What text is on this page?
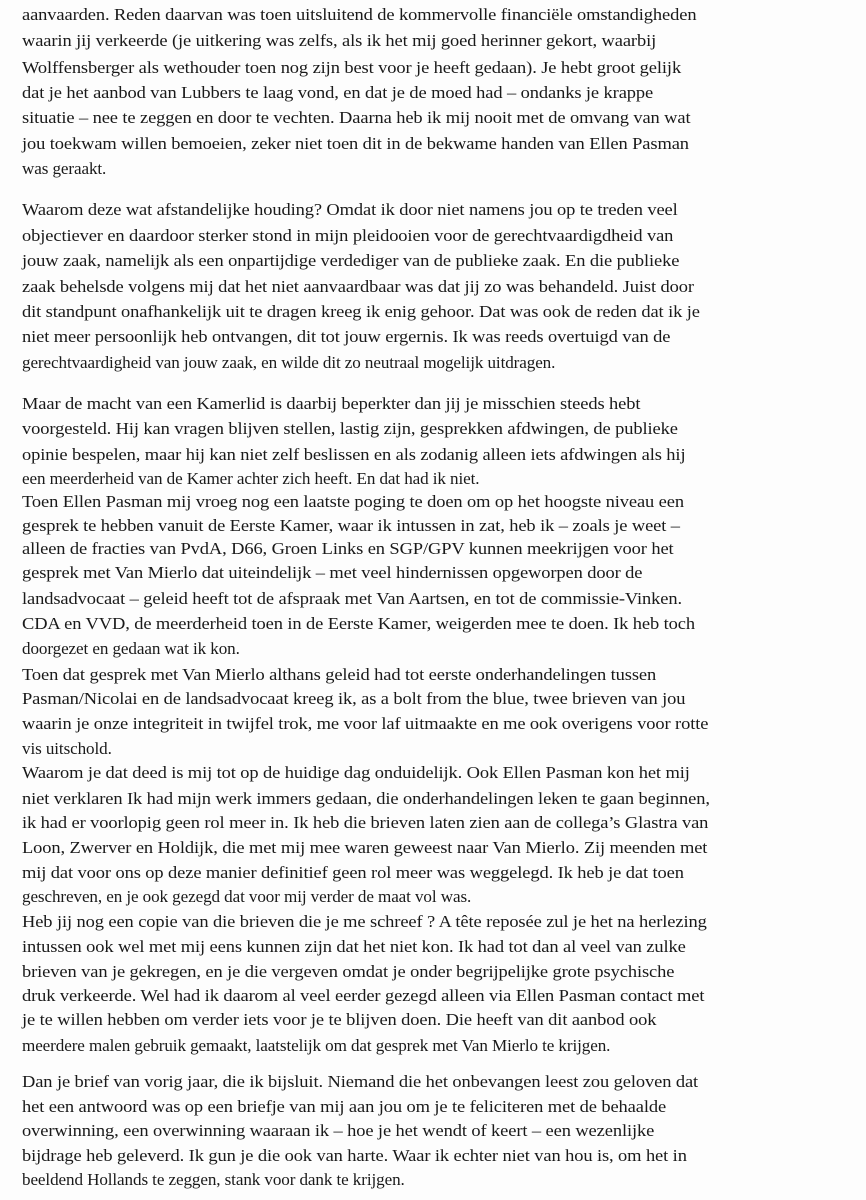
aanvaarden. Reden daarvan was toen uitsluitend de kommervolle financiële omstandigheden
waarin jij verkeerde (je uitkering was zelfs, als ik het mij goed herinner gekort, waarbij
Wolffensberger als wethouder toen nog zijn best voor je heeft gedaan). Je hebt groot gelijk
dat je het aanbod van Lubbers te laag vond, en dat je de moed had – ondanks je krappe
situatie – nee te zeggen en door te vechten. Daarna heb ik mij nooit met de omvang van wat
jou toekwam willen bemoeien, zeker niet toen dit in de bekwame handen van Ellen Pasman
was geraakt.
Waarom deze wat afstandelijke houding? Omdat ik door niet namens jou op te treden veel
objectiever en daardoor sterker stond in mijn pleidooien voor de gerechtvaardigdheid van
jouw zaak, namelijk als een onpartijdige verdediger van de publieke zaak. En die publieke
zaak behelsde volgens mij dat het niet aanvaardbaar was dat jij zo was behandeld. Juist door
dit standpunt onafhankelijk uit te dragen kreeg ik enig gehoor. Dat was ook de reden dat ik je
niet meer persoonlijk heb ontvangen, dit tot jouw ergernis. Ik was reeds overtuigd van de
gerechtvaardigheid van jouw zaak, en wilde dit zo neutraal mogelijk uitdragen.
Maar de macht van een Kamerlid is daarbij beperkter dan jij je misschien steeds hebt
voorgesteld. Hij kan vragen blijven stellen, lastig zijn, gesprekken afdwingen, de publieke
opinie bespelen, maar hij kan niet zelf beslissen en als zodanig alleen iets afdwingen als hij
een meerderheid van de Kamer achter zich heeft. En dat had ik niet.
Toen Ellen Pasman mij vroeg nog een laatste poging te doen om op het hoogste niveau een
gesprek te hebben vanuit de Eerste Kamer, waar ik intussen in zat, heb ik – zoals je weet –
alleen de fracties van PvdA, D66, Groen Links en SGP/GPV kunnen meekrijgen voor het
gesprek met Van Mierlo dat uiteindelijk – met veel hindernissen opgeworpen door de
landsadvocaat – geleid heeft tot de afspraak met Van Aartsen, en tot de commissie-Vinken.
CDA en VVD, de meerderheid toen in de Eerste Kamer, weigerden mee te doen. Ik heb toch
doorgezet en gedaan wat ik kon.
Toen dat gesprek met Van Mierlo althans geleid had tot eerste onderhandelingen tussen
Pasman/Nicolai en de landsadvocaat kreeg ik, as a bolt from the blue, twee brieven van jou
waarin je onze integriteit in twijfel trok, me voor laf uitmaakte en me ook overigens voor rotte
vis uitschold.
Waarom je dat deed is mij tot op de huidige dag onduidelijk. Ook Ellen Pasman kon het mij
niet verklaren Ik had mijn werk immers gedaan, die onderhandelingen leken te gaan beginnen,
ik had er voorlopig geen rol meer in. Ik heb die brieven laten zien aan de collega’s Glastra van
Loon, Zwerver en Holdijk, die met mij mee waren geweest naar Van Mierlo. Zij meenden met
mij dat voor ons op deze manier definitief geen rol meer was weggelegd. Ik heb je dat toen
geschreven, en je ook gezegd dat voor mij verder de maat vol was.
Heb jij nog een copie van die brieven die je me schreef ? A tête reposée zul je het na herlezing
intussen ook wel met mij eens kunnen zijn dat het niet kon. Ik had tot dan al veel van zulke
brieven van je gekregen, en je die vergeven omdat je onder begrijpelijke grote psychische
druk verkeerde. Wel had ik daarom al veel eerder gezegd alleen via Ellen Pasman contact met
je te willen hebben om verder iets voor je te blijven doen. Die heeft van dit aanbod ook
meerdere malen gebruik gemaakt, laatstelijk om dat gesprek met Van Mierlo te krijgen.
Dan je brief van vorig jaar, die ik bijsluit. Niemand die het onbevangen leest zou geloven dat
het een antwoord was op een briefje van mij aan jou om je te feliciteren met de behaalde
overwinning, een overwinning waaraan ik – hoe je het wendt of keert – een wezenlijke
bijdrage heb geleverd. Ik gun je die ook van harte. Waar ik echter niet van hou is, om het in
beeldend Hollands te zeggen, stank voor dank te krijgen.
